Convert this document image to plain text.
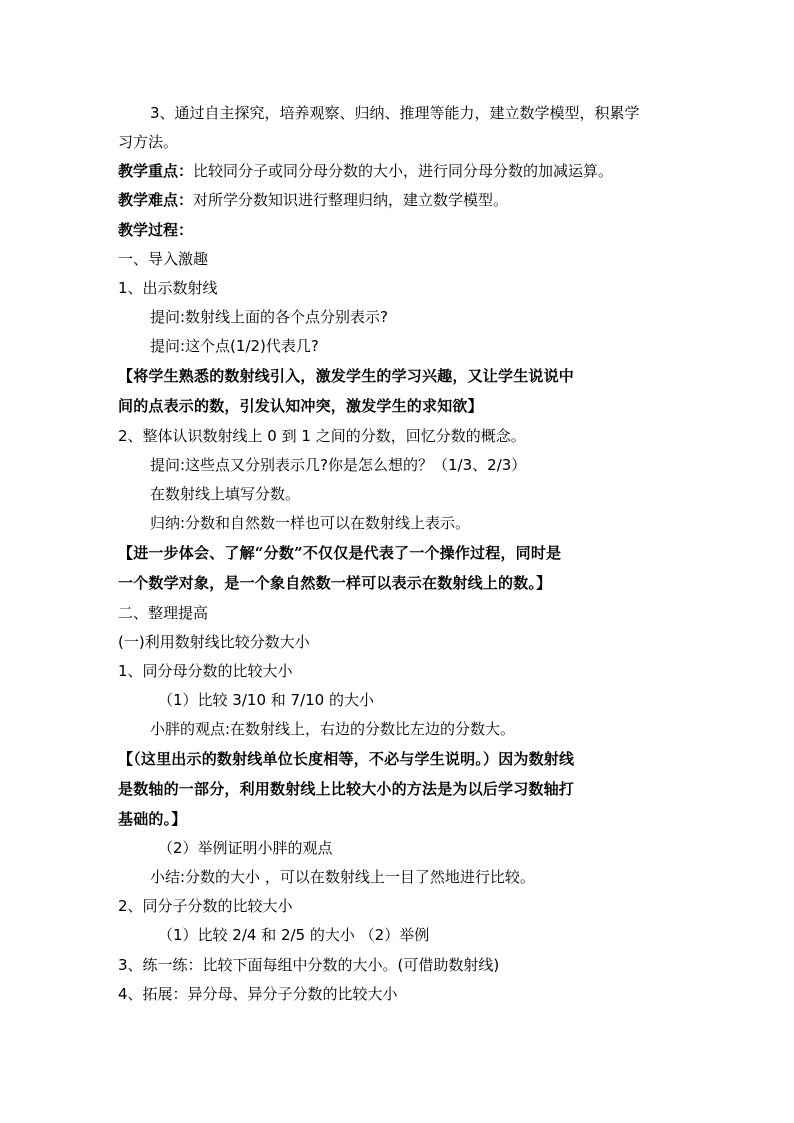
3、通过自主探究，培养观察、归纳、推理等能力，建立数学模型，积累学
习方法。
教学重点：比较同分子或同分母分数的大小，进行同分母分数的加减运算。
教学难点：对所学分数知识进行整理归纳，建立数学模型。
教学过程：
一、导入激趣
1、出示数射线
提问:数射线上面的各个点分别表示?
提问:这个点(1/2)代表几?
【将学生熟悉的数射线引入，激发学生的学习兴趣，又让学生说说中
间的点表示的数，引发认知冲突，激发学生的求知欲】
2、整体认识数射线上 0 到 1 之间的分数，回忆分数的概念。
提问:这些点又分别表示几?你是怎么想的？（1/3、2/3）
在数射线上填写分数。
归纳:分数和自然数一样也可以在数射线上表示。
【进一步体会、了解“分数”不仅仅是代表了一个操作过程，同时是
一个数学对象，是一个象自然数一样可以表示在数射线上的数。】
二、整理提高
(一)利用数射线比较分数大小
1、同分母分数的比较大小
（1）比较 3/10 和 7/10 的大小
小胖的观点:在数射线上，右边的分数比左边的分数大。
【（这里出示的数射线单位长度相等，不必与学生说明。）因为数射线
是数轴的一部分，利用数射线上比较大小的方法是为以后学习数轴打
基础的。】
（2）举例证明小胖的观点
小结:分数的大小 ，可以在数射线上一目了然地进行比较。
2、同分子分数的比较大小
（1）比较 2/4 和 2/5 的大小 （2）举例
3、练一练：比较下面每组中分数的大小。(可借助数射线)
4、拓展：异分母、异分子分数的比较大小
